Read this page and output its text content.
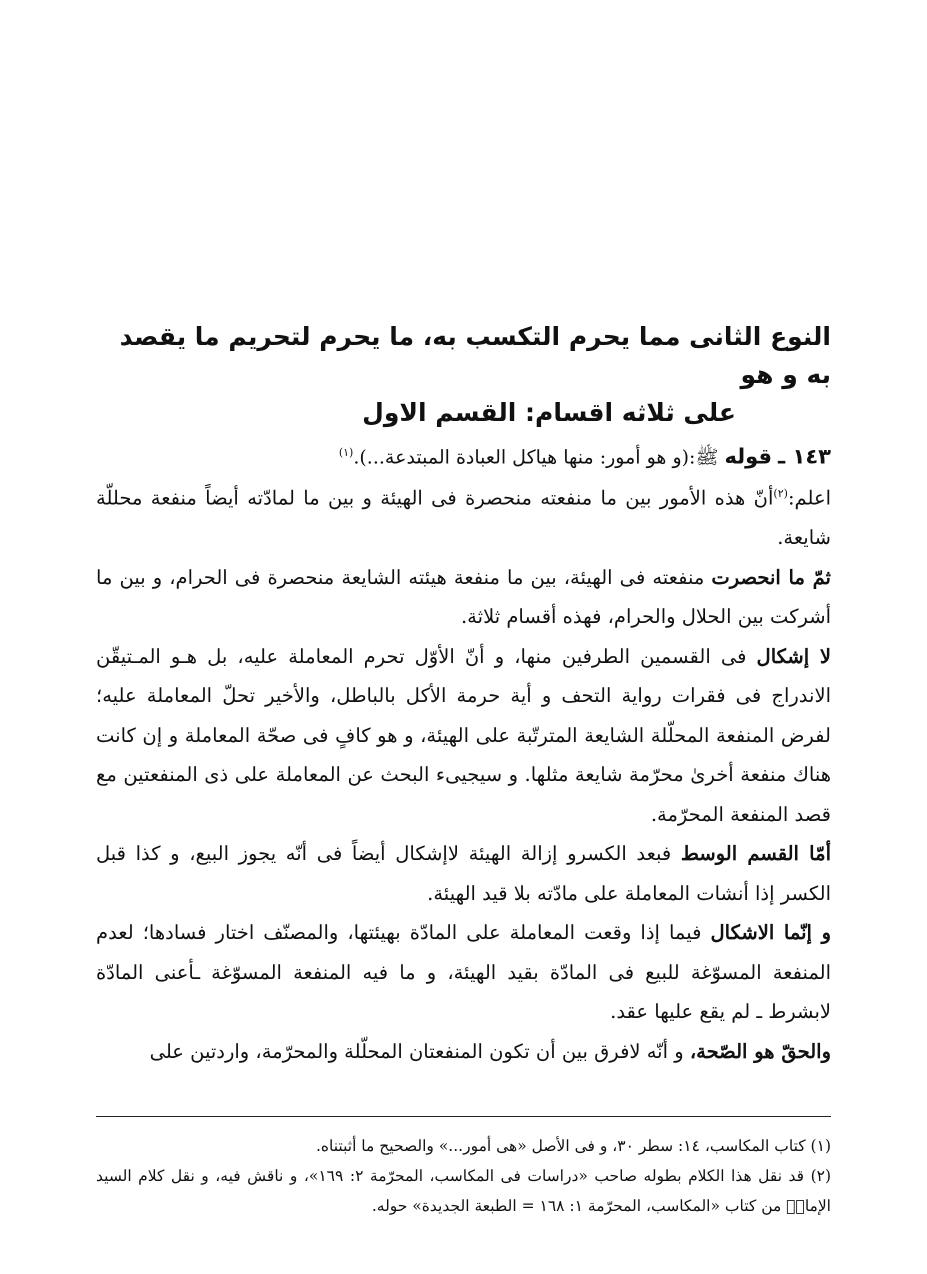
النوع الثانى مما يحرم التكسب به، ما يحرم لتحريم ما يقصد به و هو
على ثلاثه اقسام: القسم الاول

١٤٣ ـ قوله ﷺ:(و هو أمور: منها هياكل العبادة المبتدعة...).$^{(١)}$

اعلم:$^{(٢)}$أنّ هذه الأمور بين ما منفعته منحصرة فى الهيئة و بين ما لمادّته أيضاً منفعة محللّة شايعة.

ثمّ ما انحصرت منفعته فى الهيئة، بين ما منفعة هيئته الشايعة منحصرة فى الحرام، و بين ما أشركت بين الحلال والحرام، فهذه أقسام ثلاثة.

لا إشكال فى القسمين الطرفين منها، و أنّ الأوّل تحرم المعاملة عليه، بل هـو المـتيقّن الاندراج فى فقرات رواية التحف و أية حرمة الأكل بالباطل، والأخير تحلّ المعاملة عليه؛ لفرض المنفعة المحلّلة الشايعة المترتّبة على الهيئة، و هو كافٍ فى صحّة المعاملة و إن كانت هناك منفعة أخرىٰ محرّمة شايعة مثلها. و سيجيىء البحث عن المعاملة على ذى المنفعتين مع قصد المنفعة المحرّمة.

أمّا القسم الوسط فبعد الكسرو إزالة الهيئة لاإشكال أيضاً فى أنّه يجوز البيع، و كذا قبل الكسر إذا أنشات المعاملة على مادّته بلا قيد الهيئة.

و إنّما الاشكال فيما إذا وقعت المعاملة على المادّة بهيئتها، والمصنّف اختار فسادها؛ لعدم المنفعة المسوّغة للبيع فى المادّة بقيد الهيئة، و ما فيه المنفعة المسوّغة ـأعنى المادّة لابشرط ـ لم يقع عليها عقد.

والحقّ هو الصّحة، و أنّه لافرق بين أن تكون المنفعتان المحلّلة والمحرّمة، واردتين على

(١) كتاب المكاسب، ١٤: سطر ٣٠، و فى الأصل «هى أمور...» والصحيح ما أثبتناه.

(٢) قد نقل هذا الكلام بطوله صاحب «دراسات فى المكاسب، المحرّمة ٢: ١٦٩»، و ناقش فيه، و نقل كلام السيد الإمامؒ من كتاب «المكاسب، المحرّمة ١: ١٦٨ = الطبعة الجديدة» حوله.
